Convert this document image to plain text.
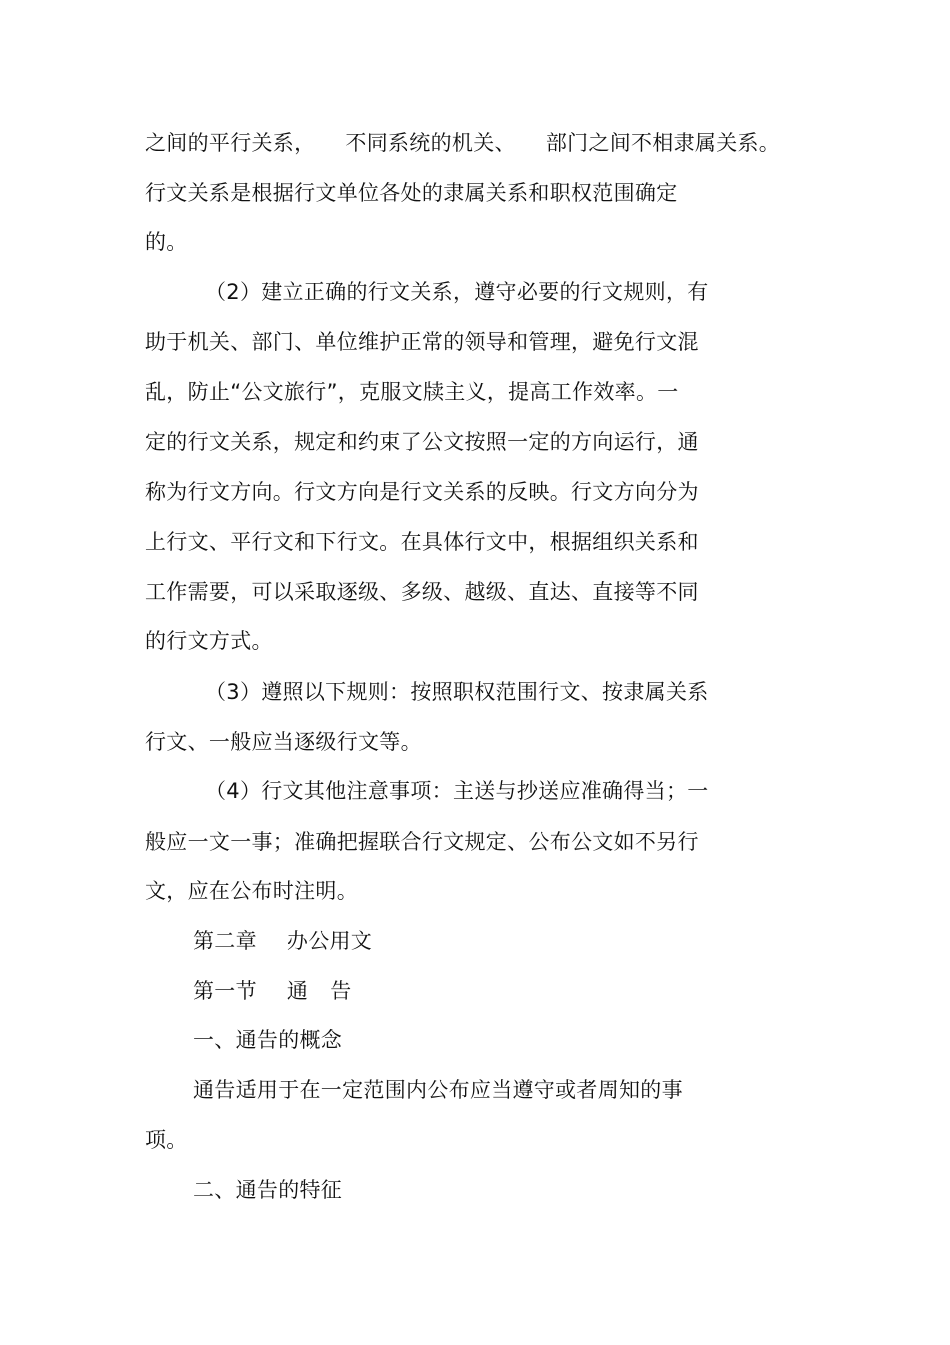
之间的平行关系， 不同系统的机关、 部门之间不相隶属关系。
行文关系是根据行文单位各处的隶属关系和职权范围确定
的。
（2）建立正确的行文关系，遵守必要的行文规则，有
助于机关、部门、单位维护正常的领导和管理，避免行文混
乱，防止“公文旅行”，克服文牍主义，提高工作效率。一
定的行文关系，规定和约束了公文按照一定的方向运行，通
称为行文方向。行文方向是行文关系的反映。行文方向分为
上行文、平行文和下行文。在具体行文中，根据组织关系和
工作需要，可以采取逐级、多级、越级、直达、直接等不同
的行文方式。
（3）遵照以下规则：按照职权范围行文、按隶属关系
行文、一般应当逐级行文等。
（4）行文其他注意事项：主送与抄送应准确得当；一
般应一文一事；准确把握联合行文规定、公布公文如不另行
文，应在公布时注明。
第二章 办公用文
第一节 通 告
一、通告的概念
通告适用于在一定范围内公布应当遵守或者周知的事
项。
二、通告的特征
